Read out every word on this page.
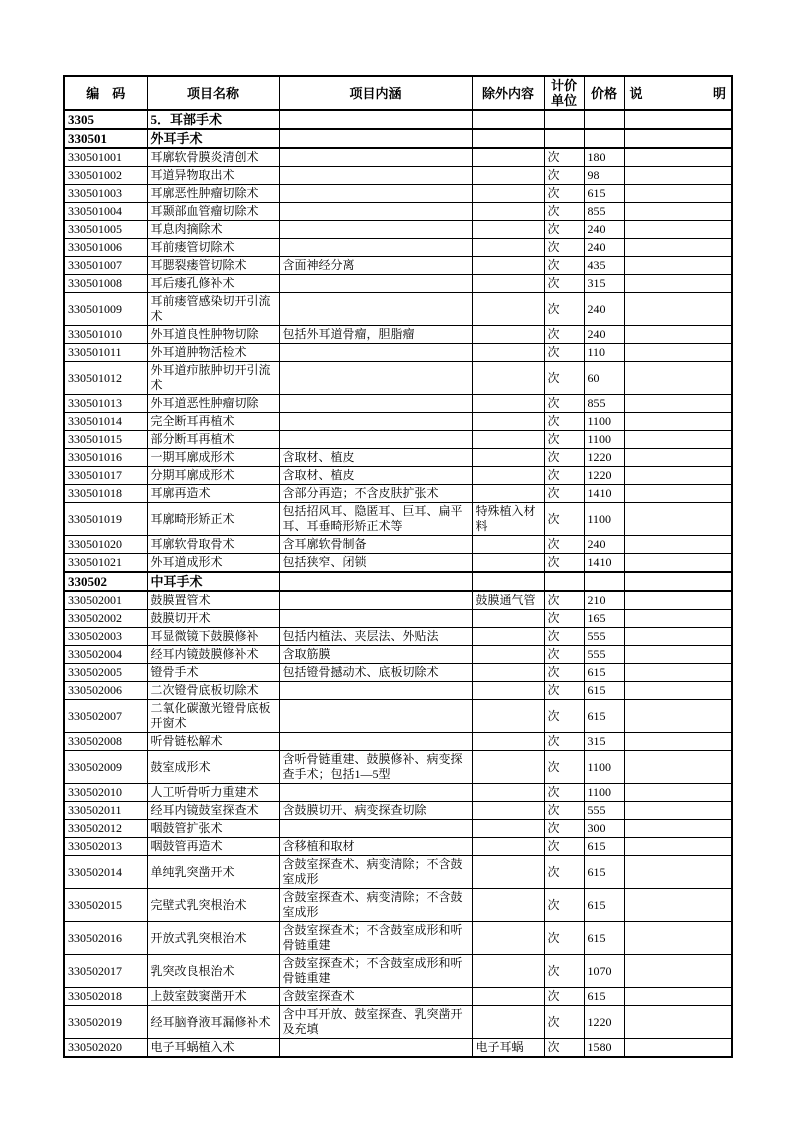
编　码	项目名称	项目内涵	除外内容	计价单位	价格	说 明

3305	5．耳部手术					
330501	外耳手术					
330501001	耳廓软骨膜炎清创术			次	180	
330501002	耳道异物取出术			次	98	
330501003	耳廓恶性肿瘤切除术			次	615	
330501004	耳颞部血管瘤切除术			次	855	
330501005	耳息肉摘除术			次	240	
330501006	耳前瘘管切除术			次	240	
330501007	耳腮裂瘘管切除术	含面神经分离		次	435	
330501008	耳后瘘孔修补术			次	315	
330501009	耳前瘘管感染切开引流术			次	240	
330501010	外耳道良性肿物切除	包括外耳道骨瘤，胆脂瘤		次	240	
330501011	外耳道肿物活检术			次	110	
330501012	外耳道疖脓肿切开引流术			次	60	
330501013	外耳道恶性肿瘤切除			次	855	
330501014	完全断耳再植术			次	1100	
330501015	部分断耳再植术			次	1100	
330501016	一期耳廓成形术	含取材、植皮		次	1220	
330501017	分期耳廓成形术	含取材、植皮		次	1220	
330501018	耳廓再造术	含部分再造；不含皮肤扩张术		次	1410	
330501019	耳廓畸形矫正术	包括招风耳、隐匿耳、巨耳、扁平耳、耳垂畸形矫正术等	特殊植入材料	次	1100	
330501020	耳廓软骨取骨术	含耳廓软骨制备		次	240	
330501021	外耳道成形术	包括狭窄、闭锁		次	1410	
330502	中耳手术					
330502001	鼓膜置管术		鼓膜通气管	次	210	
330502002	鼓膜切开术			次	165	
330502003	耳显微镜下鼓膜修补	包括内植法、夹层法、外贴法		次	555	
330502004	经耳内镜鼓膜修补术	含取筋膜		次	555	
330502005	镫骨手术	包括镫骨撼动术、底板切除术		次	615	
330502006	二次镫骨底板切除术			次	615	
330502007	二氧化碳激光镫骨底板开窗术			次	615	
330502008	听骨链松解术			次	315	
330502009	鼓室成形术	含听骨链重建、鼓膜修补、病变探查手术；包括1—5型		次	1100	
330502010	人工听骨听力重建术			次	1100	
330502011	经耳内镜鼓室探查术	含鼓膜切开、病变探查切除		次	555	
330502012	咽鼓管扩张术			次	300	
330502013	咽鼓管再造术	含移植和取材		次	615	
330502014	单纯乳突凿开术	含鼓室探查术、病变清除；不含鼓室成形		次	615	
330502015	完壁式乳突根治术	含鼓室探查术、病变清除；不含鼓室成形		次	615	
330502016	开放式乳突根治术	含鼓室探查术；不含鼓室成形和听骨链重建		次	615	
330502017	乳突改良根治术	含鼓室探查术；不含鼓室成形和听骨链重建		次	1070	
330502018	上鼓室鼓窦凿开术	含鼓室探查术		次	615	
330502019	经耳脑脊液耳漏修补术	含中耳开放、鼓室探查、乳突凿开及充填		次	1220	
330502020	电子耳蜗植入术		电子耳蜗	次	1580	
